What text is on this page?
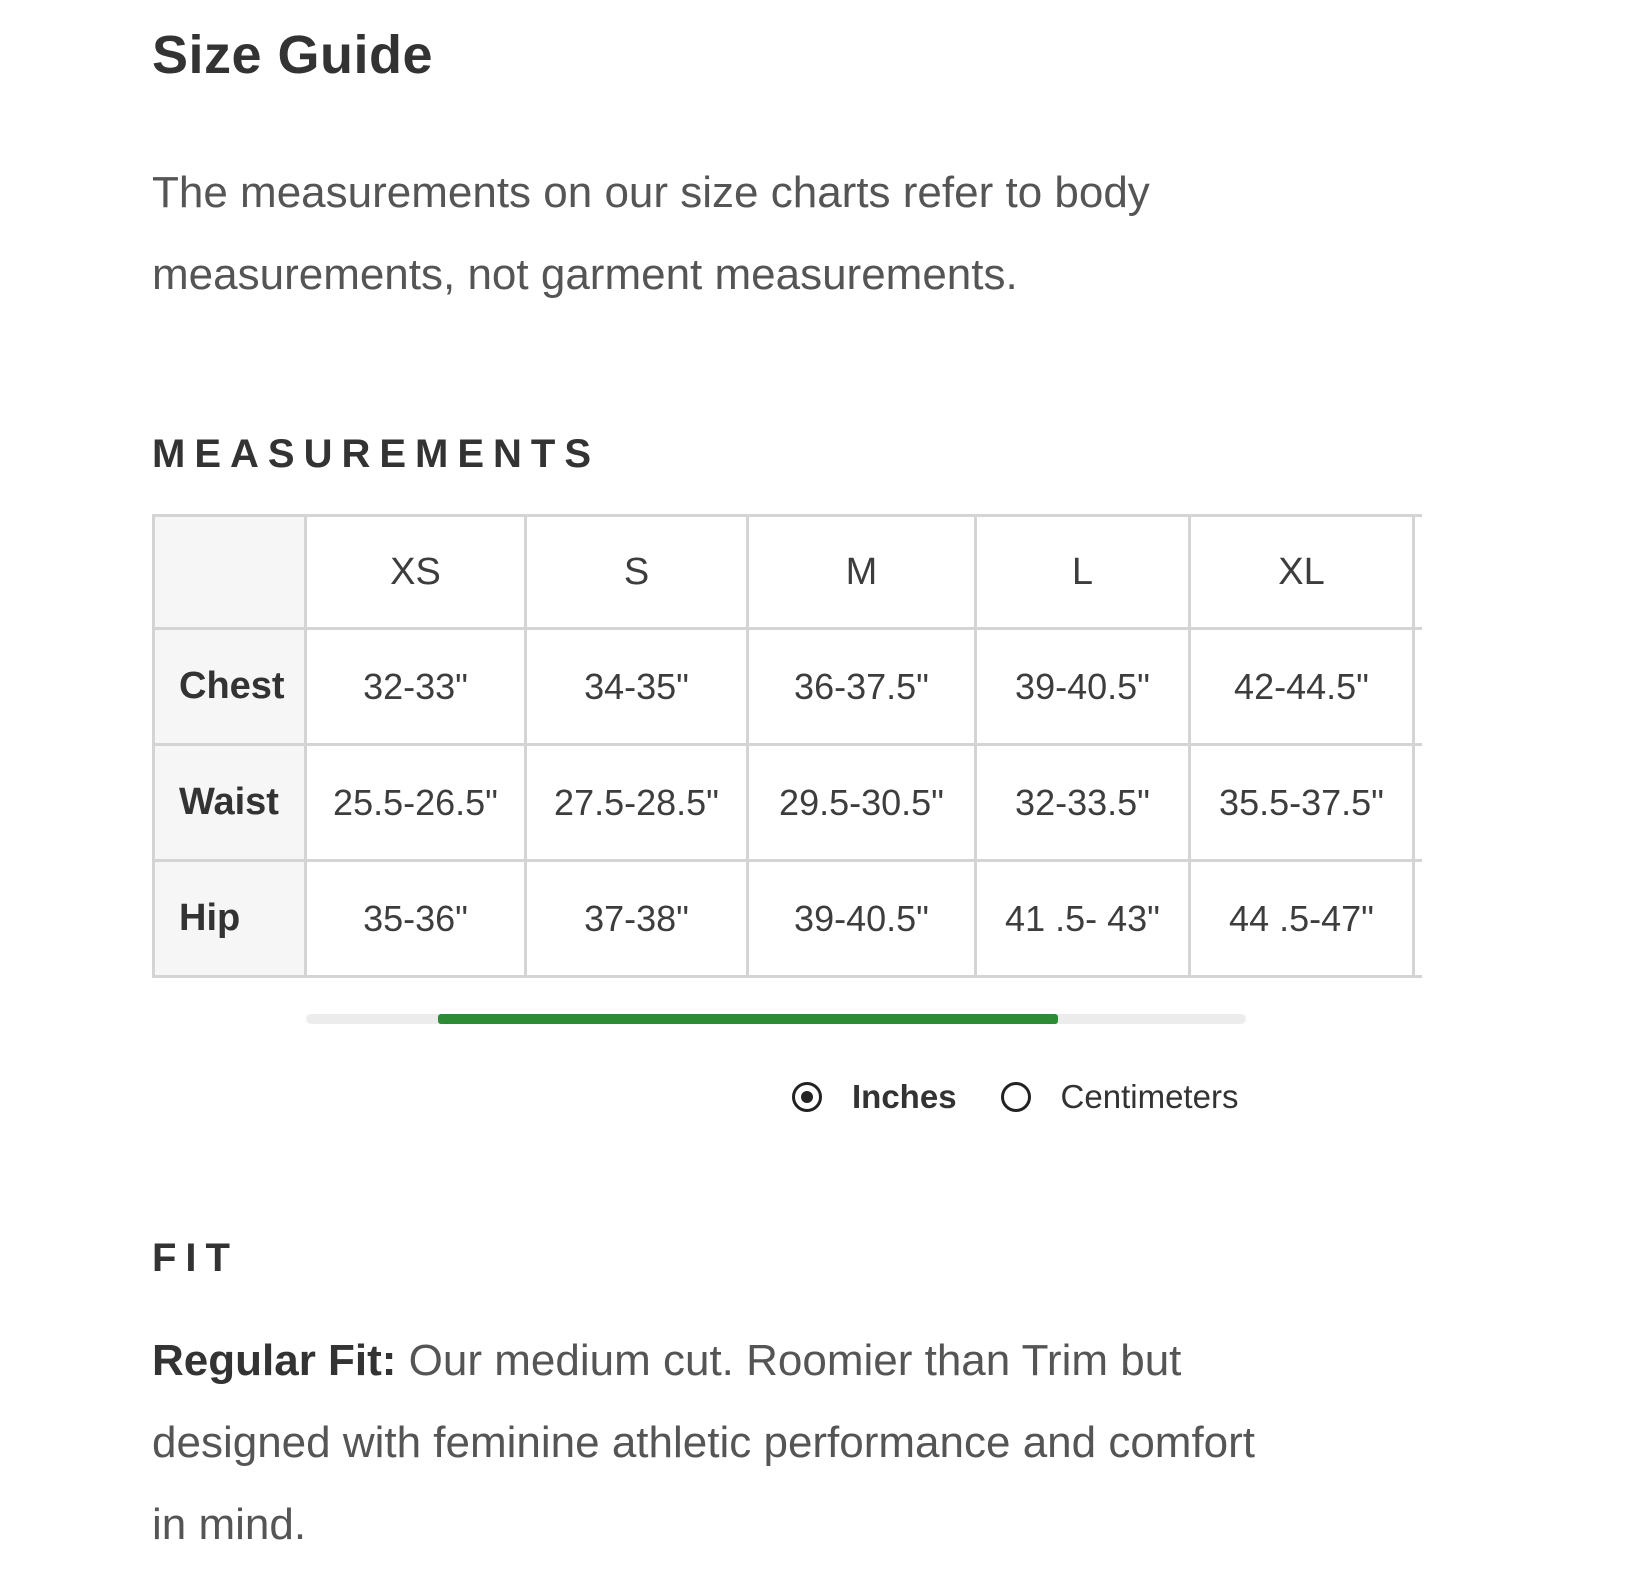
Size Guide

The measurements on our size charts refer to body measurements, not garment measurements.

MEASUREMENTS
	XS	S	M	L	XL	
Chest	32-33"	34-35"	36-37.5"	39-40.5"	42-44.5"	
Waist	25.5-26.5"	27.5-28.5"	29.5-30.5"	32-33.5"	35.5-37.5"	
Hip	35-36"	37-38"	39-40.5"	41 .5- 43"	44 .5-47"	
Inches	Centimeters
FIT

Regular Fit: Our medium cut. Roomier than Trim but designed with feminine athletic performance and comfort in mind.
